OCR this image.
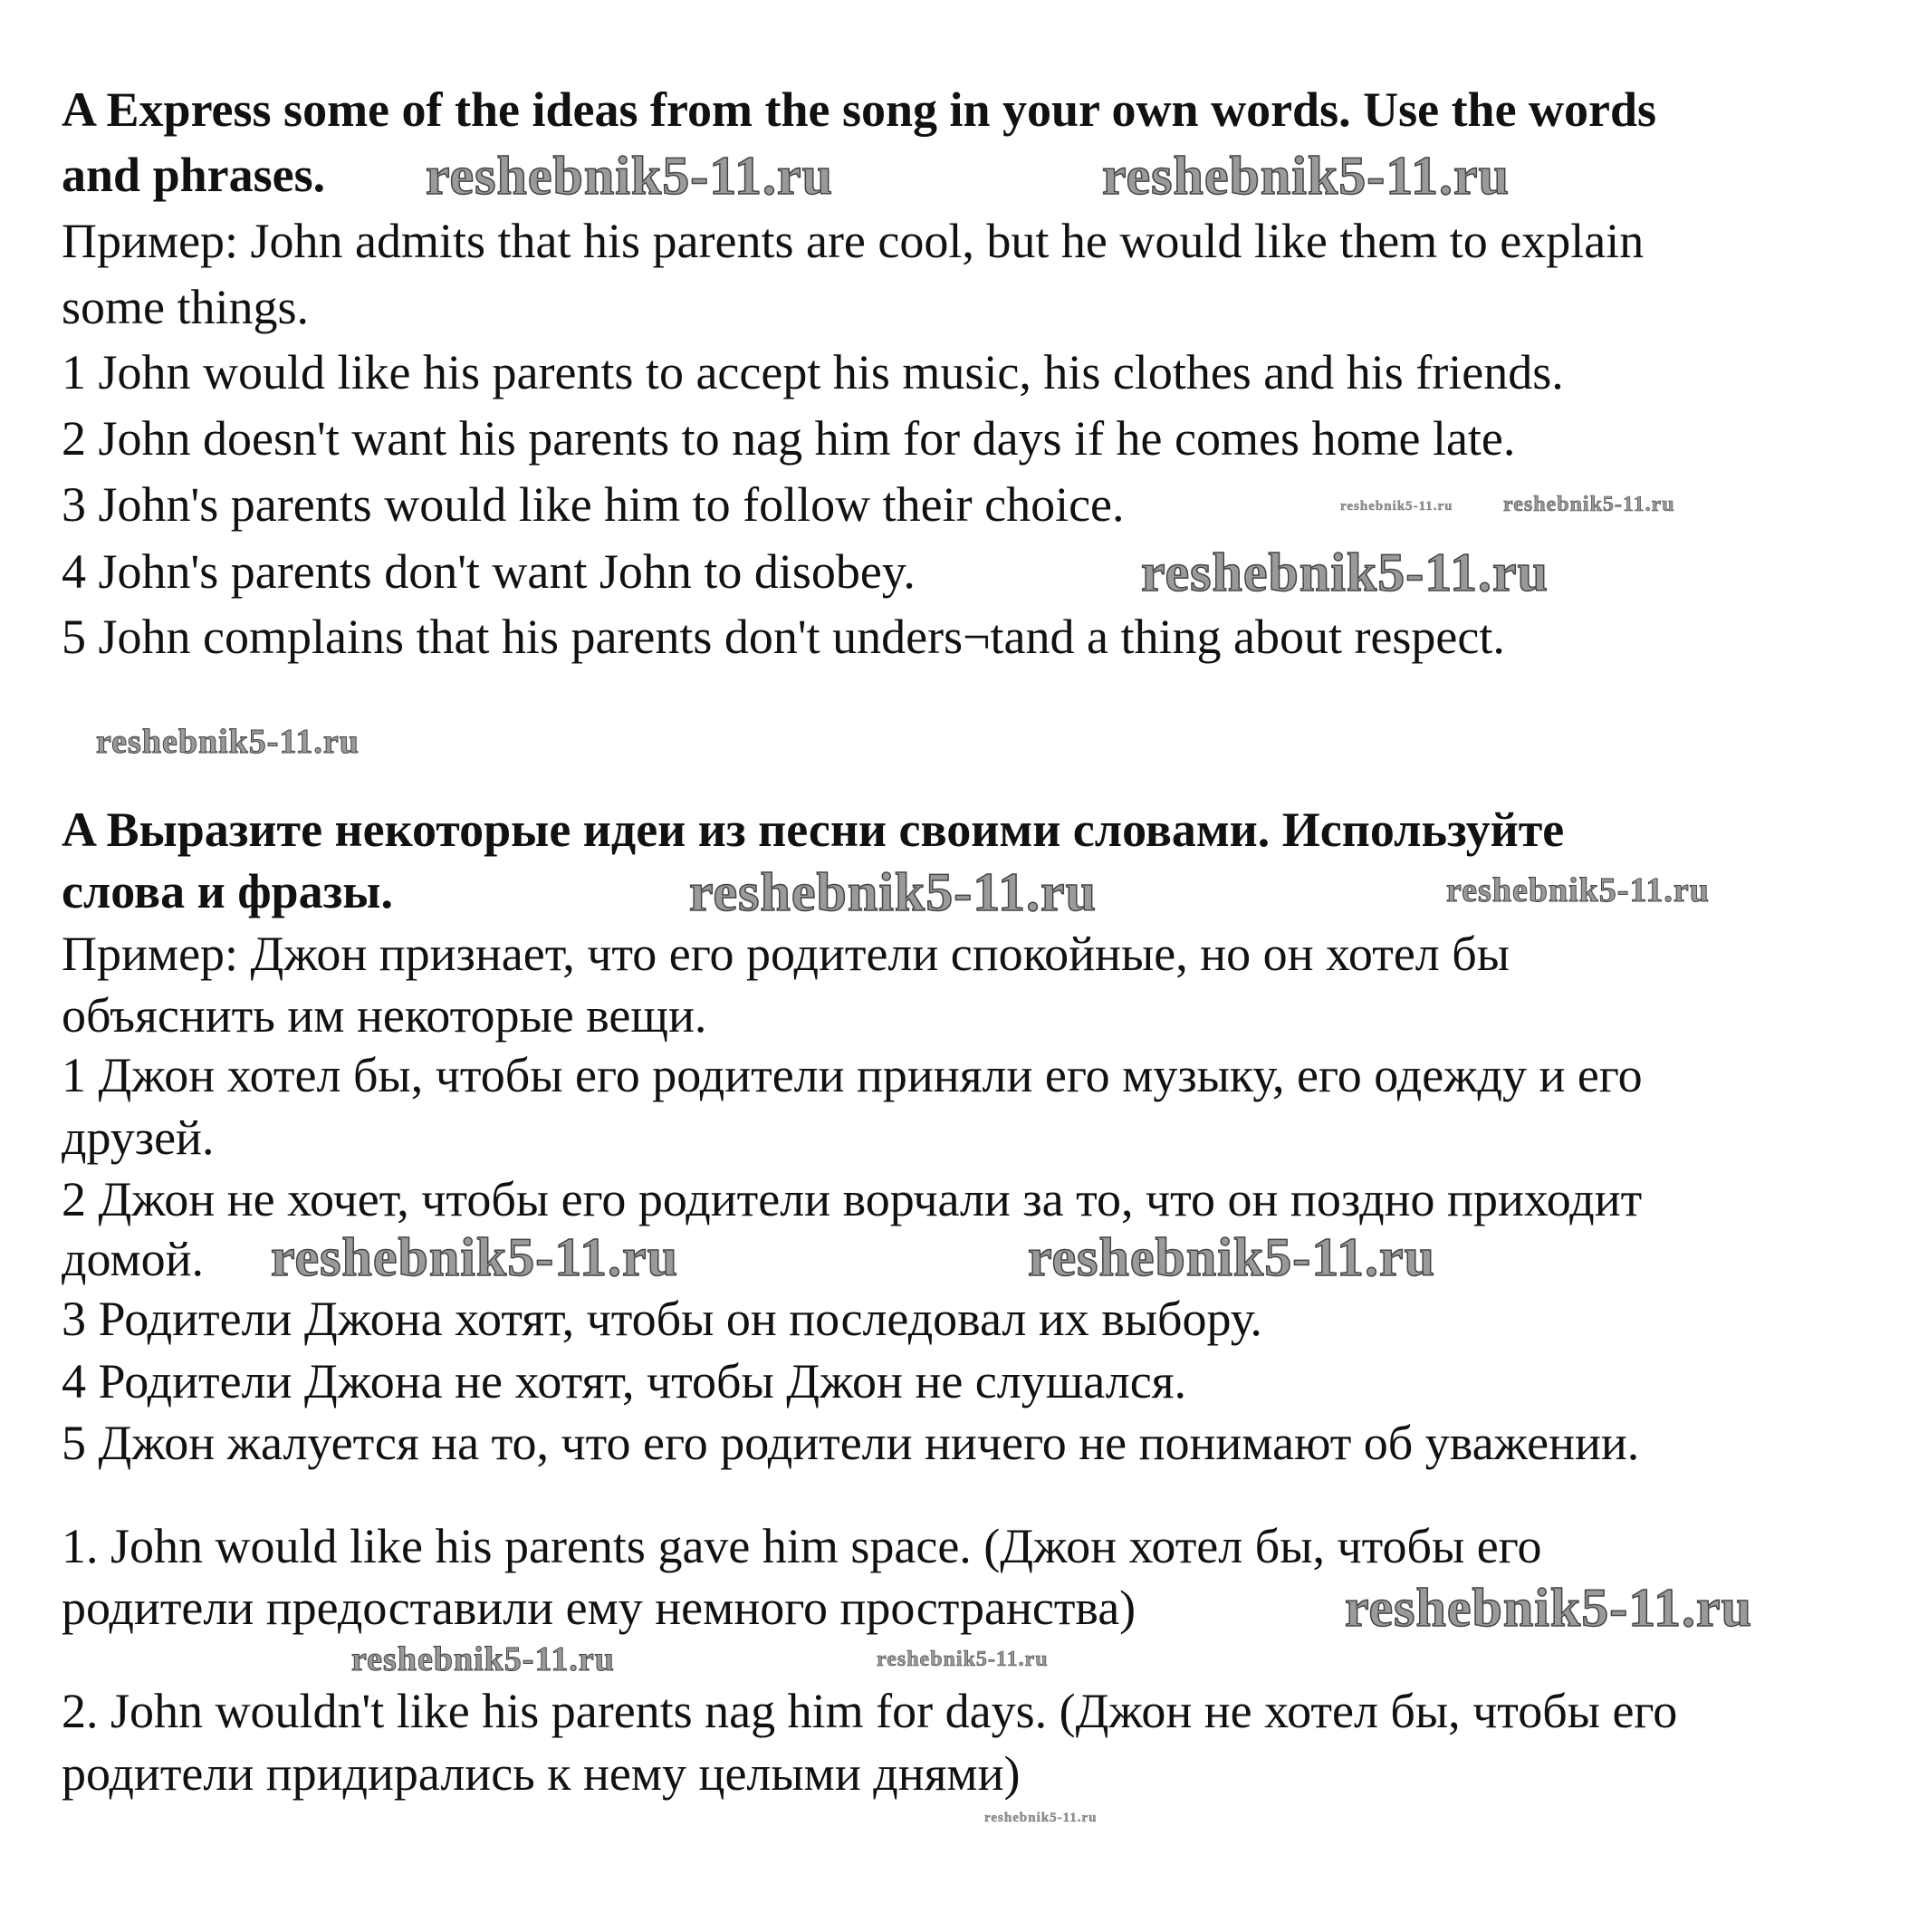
A Express some of the ideas from the song in your own words. Use the words
and phrases.
Пример: John admits that his parents are cool, but he would like them to explain
some things.
1 John would like his parents to accept his music, his clothes and his friends.
2 John doesn't want his parents to nag him for days if he comes home late.
3 John's parents would like him to follow their choice.
4 John's parents don't want John to disobey.
5 John complains that his parents don't unders¬tand a thing about respect.
A Выразите некоторые идеи из песни своими словами. Используйте
слова и фразы.
Пример: Джон признает, что его родители спокойные, но он хотел бы
объяснить им некоторые вещи.
1 Джон хотел бы, чтобы его родители приняли его музыку, его одежду и его
друзей.
2 Джон не хочет, чтобы его родители ворчали за то, что он поздно приходит
домой.
3 Родители Джона хотят, чтобы он последовал их выбору.
4 Родители Джона не хотят, чтобы Джон не слушался.
5 Джон жалуется на то, что его родители ничего не понимают об уважении.
1. John would like his parents gave him space. (Джон хотел бы, чтобы его
родители предоставили ему немного пространства)
2. John wouldn't like his parents nag him for days. (Джон не хотел бы, чтобы его
родители придирались к нему целыми днями)
reshebnik5-11.ru	reshebnik5-11.ru
reshebnik5-11.ru reshebnik5-11.ru
reshebnik5-11.ru
reshebnik5-11.ru
reshebnik5-11.ru	reshebnik5-11.ru
reshebnik5-11.ru	reshebnik5-11.ru
reshebnik5-11.ru
reshebnik5-11.ru	reshebnik5-11.ru
reshebnik5-11.ru
